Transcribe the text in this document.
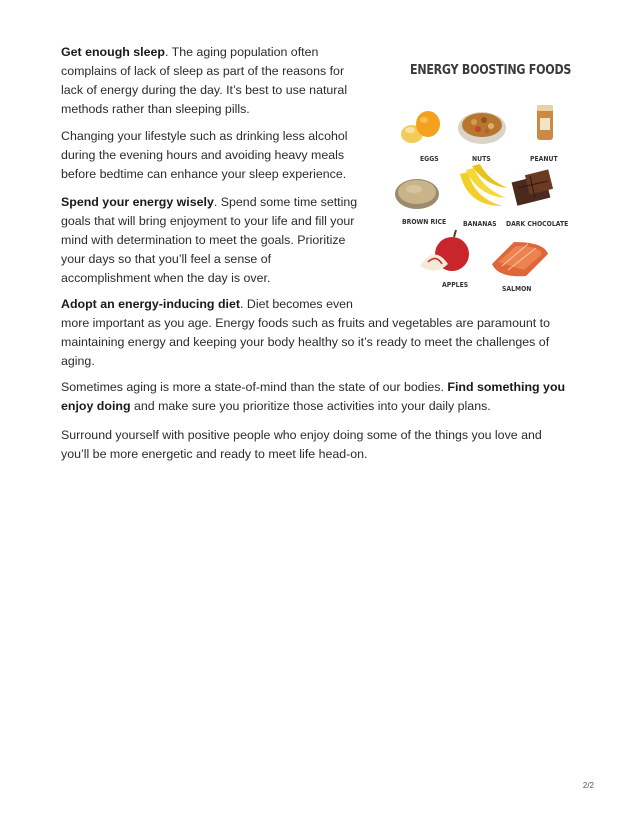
Get enough sleep. The aging population often
complains of lack of sleep as part of the reasons for
lack of energy during the day. It’s best to use natural
methods rather than sleeping pills.

Changing your lifestyle such as drinking less alcohol
during the evening hours and avoiding heavy meals
before bedtime can enhance your sleep experience.

Spend your energy wisely. Spend some time setting
goals that will bring enjoyment to your life and fill your
mind with determination to meet the goals. Prioritize
your days so that you’ll feel a sense of
accomplishment when the day is over.

Adopt an energy-inducing diet. Diet becomes even
more important as you age. Energy foods such as fruits and vegetables are paramount to
maintaining energy and keeping your body healthy so it’s ready to meet the challenges of
aging.

Sometimes aging is more a state-of-mind than the state of our bodies. Find something you
enjoy doing and make sure you prioritize those activities into your daily plans.

Surround yourself with positive people who enjoy doing some of the things you love and
you’ll be more energetic and ready to meet life head-on.

ENERGY BOOSTING FOODS
EGGS	NUTS	PEANUT
BROWN RICE BANANAS DARK CHOCOLATE
APPLES	SALMON
2/2
